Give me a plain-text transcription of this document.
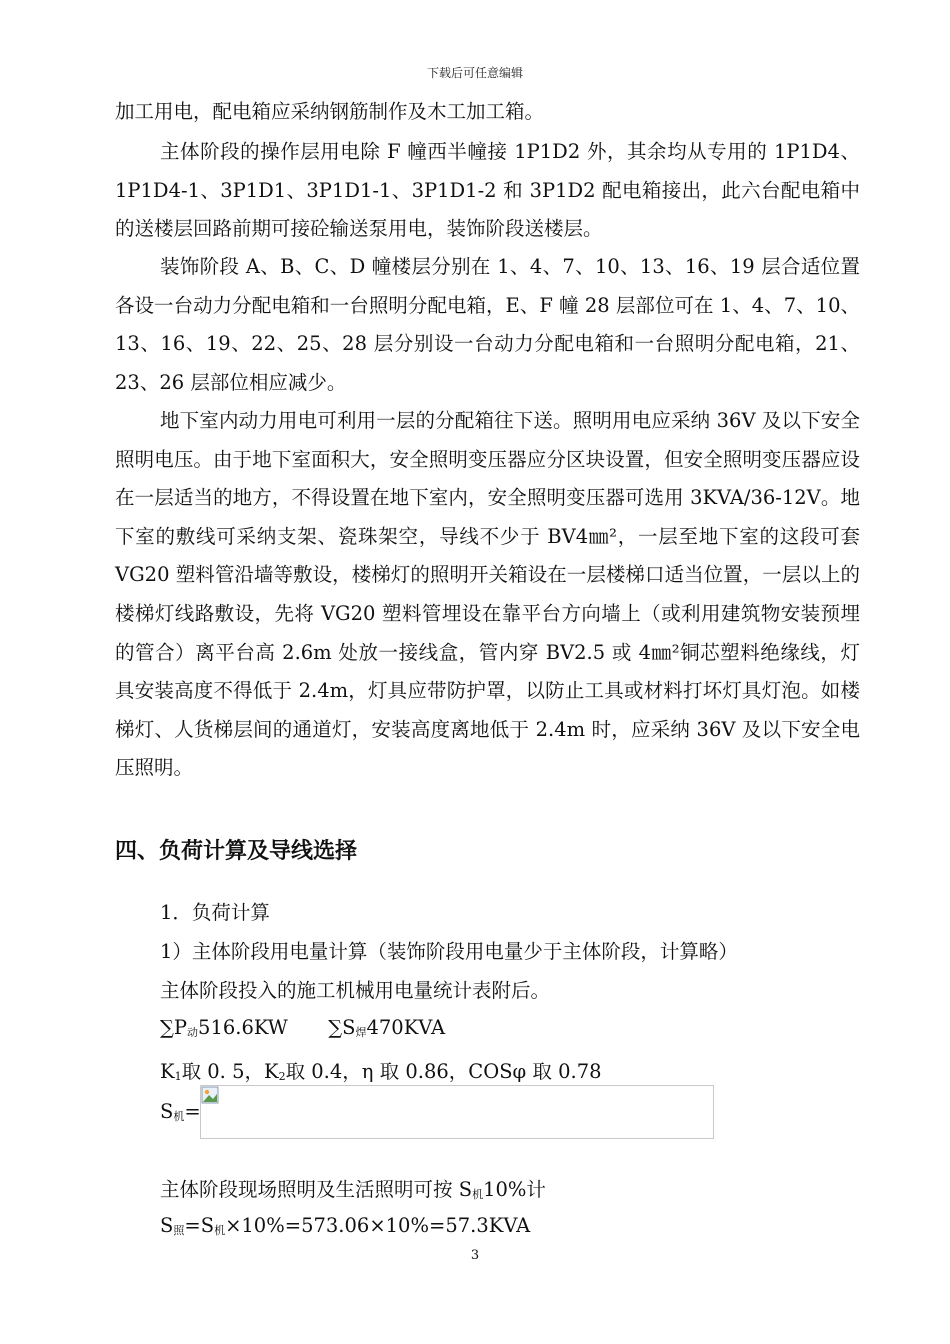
下载后可任意编辑

加工用电，配电箱应采纳钢筋制作及木工加工箱。

主体阶段的操作层用电除 F 幢西半幢接 1P1D2 外，其余均从专用的 1P1D4、1P1D4-1、3P1D1、3P1D1-1、3P1D1-2 和 3P1D2 配电箱接出，此六台配电箱中的送楼层回路前期可接砼输送泵用电，装饰阶段送楼层。

装饰阶段 A、B、C、D 幢楼层分别在 1、4、7、10、13、16、19 层合适位置各设一台动力分配电箱和一台照明分配电箱，E、F 幢 28 层部位可在 1、4、7、10、13、16、19、22、25、28 层分别设一台动力分配电箱和一台照明分配电箱，21、23、26 层部位相应减少。

地下室内动力用电可利用一层的分配箱往下送。照明用电应采纳 36V 及以下安全照明电压。由于地下室面积大，安全照明变压器应分区块设置，但安全照明变压器应设在一层适当的地方，不得设置在地下室内，安全照明变压器可选用 3KVA/36-12V。地下室的敷线可采纳支架、瓷珠架空，导线不少于 BV4㎜²，一层至地下室的这段可套 VG20 塑料管沿墙等敷设，楼梯灯的照明开关箱设在一层楼梯口适当位置，一层以上的楼梯灯线路敷设，先将 VG20 塑料管埋设在靠平台方向墙上（或利用建筑物安装预埋的管合）离平台高 2.6m 处放一接线盒，管内穿 BV2.5 或 4㎜²铜芯塑料绝缘线，灯具安装高度不得低于 2.4m，灯具应带防护罩，以防止工具或材料打坏灯具灯泡。如楼梯灯、人货梯层间的通道灯，安装高度离地低于 2.4m 时，应采纳 36V 及以下安全电压照明。

四、负荷计算及导线选择

1．负荷计算

1）主体阶段用电量计算（装饰阶段用电量少于主体阶段，计算略）

主体阶段投入的施工机械用电量统计表附后。

∑P动516.6KW ∑S焊470KVA

K1取 0. 5，K2取 0.4，η 取 0.86，COSφ 取 0.78

S机=

主体阶段现场照明及生活照明可按 S机10%计

S照=S机×10%=573.06×10%=57.3KVA

3
